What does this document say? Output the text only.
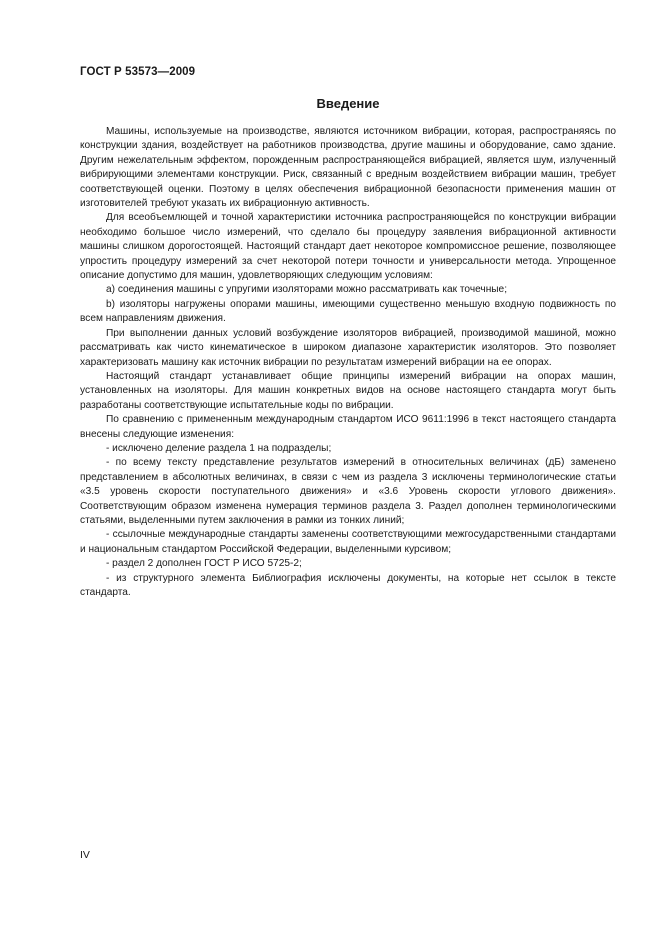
ГОСТ Р 53573—2009
Введение

Машины, используемые на производстве, являются источником вибрации, которая, распространяясь по конструкции здания, воздействует на работников производства, другие машины и оборудование, само здание. Другим нежелательным эффектом, порожденным распространяющейся вибрацией, является шум, излученный вибрирующими элементами конструкции. Риск, связанный с вредным воздействием вибрации машин, требует соответствующей оценки. Поэтому в целях обеспечения вибрационной безопасности применения машин от изготовителей требуют указать их вибрационную активность.

Для всеобъемлющей и точной характеристики источника распространяющейся по конструкции вибрации необходимо большое число измерений, что сделало бы процедуру заявления вибрационной активности машины слишком дорогостоящей. Настоящий стандарт дает некоторое компромиссное решение, позволяющее упростить процедуру измерений за счет некоторой потери точности и универсальности метода. Упрощенное описание допустимо для машин, удовлетворяющих следующим условиям:

а) соединения машины с упругими изоляторами можно рассматривать как точечные;

b) изоляторы нагружены опорами машины, имеющими существенно меньшую входную подвижность по всем направлениям движения.

При выполнении данных условий возбуждение изоляторов вибрацией, производимой машиной, можно рассматривать как чисто кинематическое в широком диапазоне характеристик изоляторов. Это позволяет характеризовать машину как источник вибрации по результатам измерений вибрации на ее опорах.

Настоящий стандарт устанавливает общие принципы измерений вибрации на опорах машин, установленных на изоляторы. Для машин конкретных видов на основе настоящего стандарта могут быть разработаны соответствующие испытательные коды по вибрации.

По сравнению с примененным международным стандартом ИСО 9611:1996 в текст настоящего стандарта внесены следующие изменения:

- исключено деление раздела 1 на подразделы;

- по всему тексту представление результатов измерений в относительных величинах (дБ) заменено представлением в абсолютных величинах, в связи с чем из раздела 3 исключены терминологические статьи «3.5 уровень скорости поступательного движения» и «3.6 Уровень скорости углового движения». Соответствующим образом изменена нумерация терминов раздела 3. Раздел дополнен терминологическими статьями, выделенными путем заключения в рамки из тонких линий;

- ссылочные международные стандарты заменены соответствующими межгосударственными стандартами и национальным стандартом Российской Федерации, выделенными курсивом;

- раздел 2 дополнен ГОСТ Р ИСО 5725-2;

- из структурного элемента Библиография исключены документы, на которые нет ссылок в тексте стандарта.

IV
